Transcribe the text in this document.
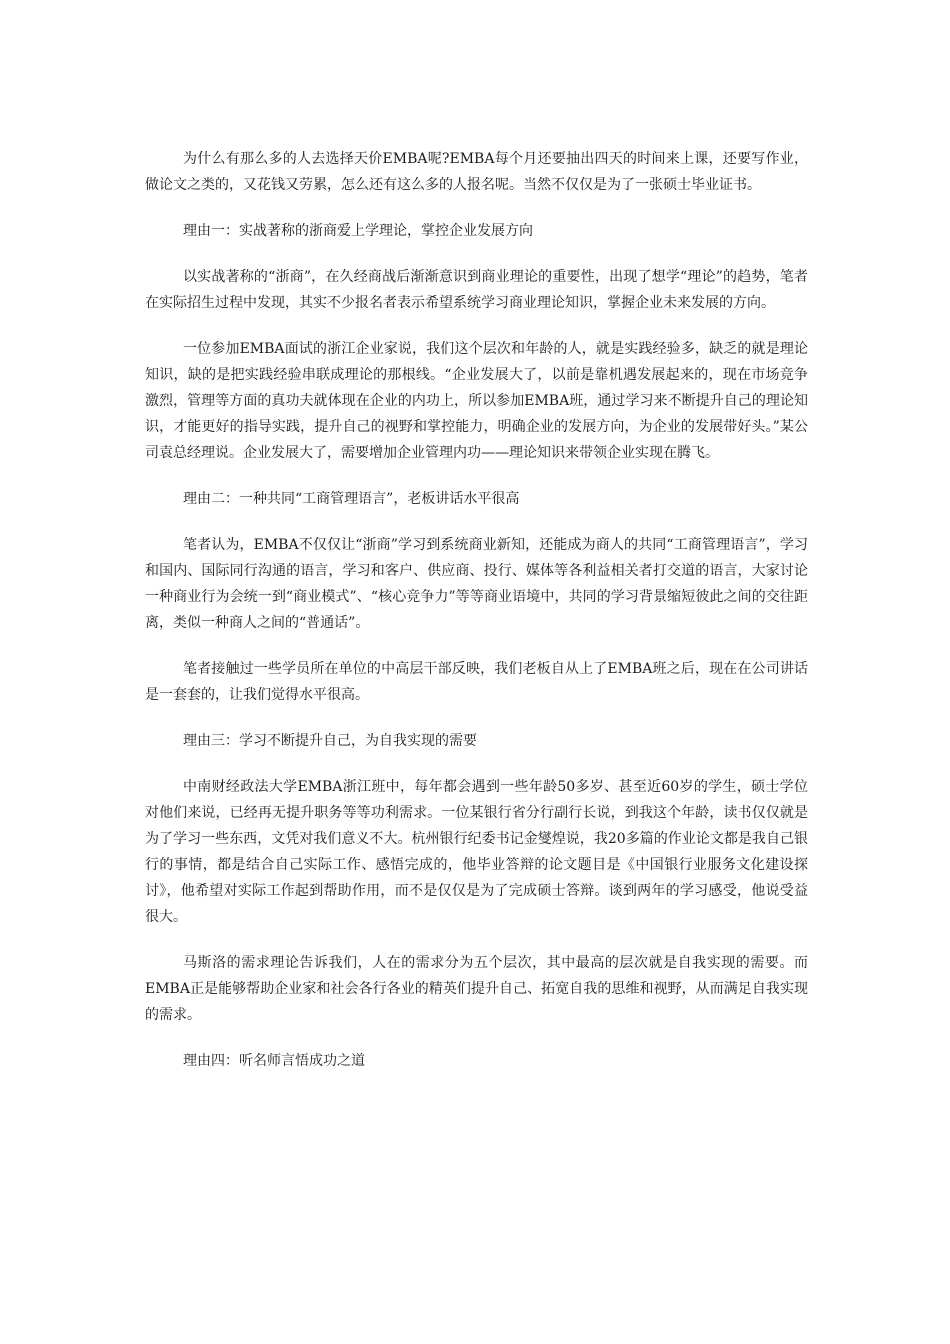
为什么有那么多的人去选择天价EMBA呢?EMBA每个月还要抽出四天的时间来上课，还要写作业，做论文之类的，又花钱又劳累，怎么还有这么多的人报名呢。当然不仅仅是为了一张硕士毕业证书。

理由一：实战著称的浙商爱上学理论，掌控企业发展方向

以实战著称的“浙商”，在久经商战后渐渐意识到商业理论的重要性，出现了想学“理论”的趋势，笔者在实际招生过程中发现，其实不少报名者表示希望系统学习商业理论知识，掌握企业未来发展的方向。

一位参加EMBA面试的浙江企业家说，我们这个层次和年龄的人，就是实践经验多，缺乏的就是理论知识，缺的是把实践经验串联成理论的那根线。“企业发展大了，以前是靠机遇发展起来的，现在市场竞争激烈，管理等方面的真功夫就体现在企业的内功上，所以参加EMBA班，通过学习来不断提升自己的理论知识，才能更好的指导实践，提升自己的视野和掌控能力，明确企业的发展方向，为企业的发展带好头。”某公司袁总经理说。企业发展大了，需要增加企业管理内功——理论知识来带领企业实现在腾飞。

理由二：一种共同“工商管理语言”，老板讲话水平很高

笔者认为，EMBA不仅仅让“浙商”学习到系统商业新知，还能成为商人的共同“工商管理语言”，学习和国内、国际同行沟通的语言，学习和客户、供应商、投行、媒体等各利益相关者打交道的语言，大家讨论一种商业行为会统一到“商业模式”、“核心竞争力”等等商业语境中，共同的学习背景缩短彼此之间的交往距离，类似一种商人之间的“普通话”。

笔者接触过一些学员所在单位的中高层干部反映，我们老板自从上了EMBA班之后，现在在公司讲话是一套套的，让我们觉得水平很高。

理由三：学习不断提升自己，为自我实现的需要

中南财经政法大学EMBA浙江班中，每年都会遇到一些年龄50多岁、甚至近60岁的学生，硕士学位对他们来说，已经再无提升职务等等功利需求。一位某银行省分行副行长说，到我这个年龄，读书仅仅就是为了学习一些东西，文凭对我们意义不大。杭州银行纪委书记金燮煌说，我20多篇的作业论文都是我自己银行的事情，都是结合自己实际工作、感悟完成的，他毕业答辩的论文题目是《中国银行业服务文化建设探讨》，他希望对实际工作起到帮助作用，而不是仅仅是为了完成硕士答辩。谈到两年的学习感受，他说受益很大。

马斯洛的需求理论告诉我们，人在的需求分为五个层次，其中最高的层次就是自我实现的需要。而EMBA正是能够帮助企业家和社会各行各业的精英们提升自己、拓宽自我的思维和视野，从而满足自我实现的需求。

理由四：听名师言悟成功之道
